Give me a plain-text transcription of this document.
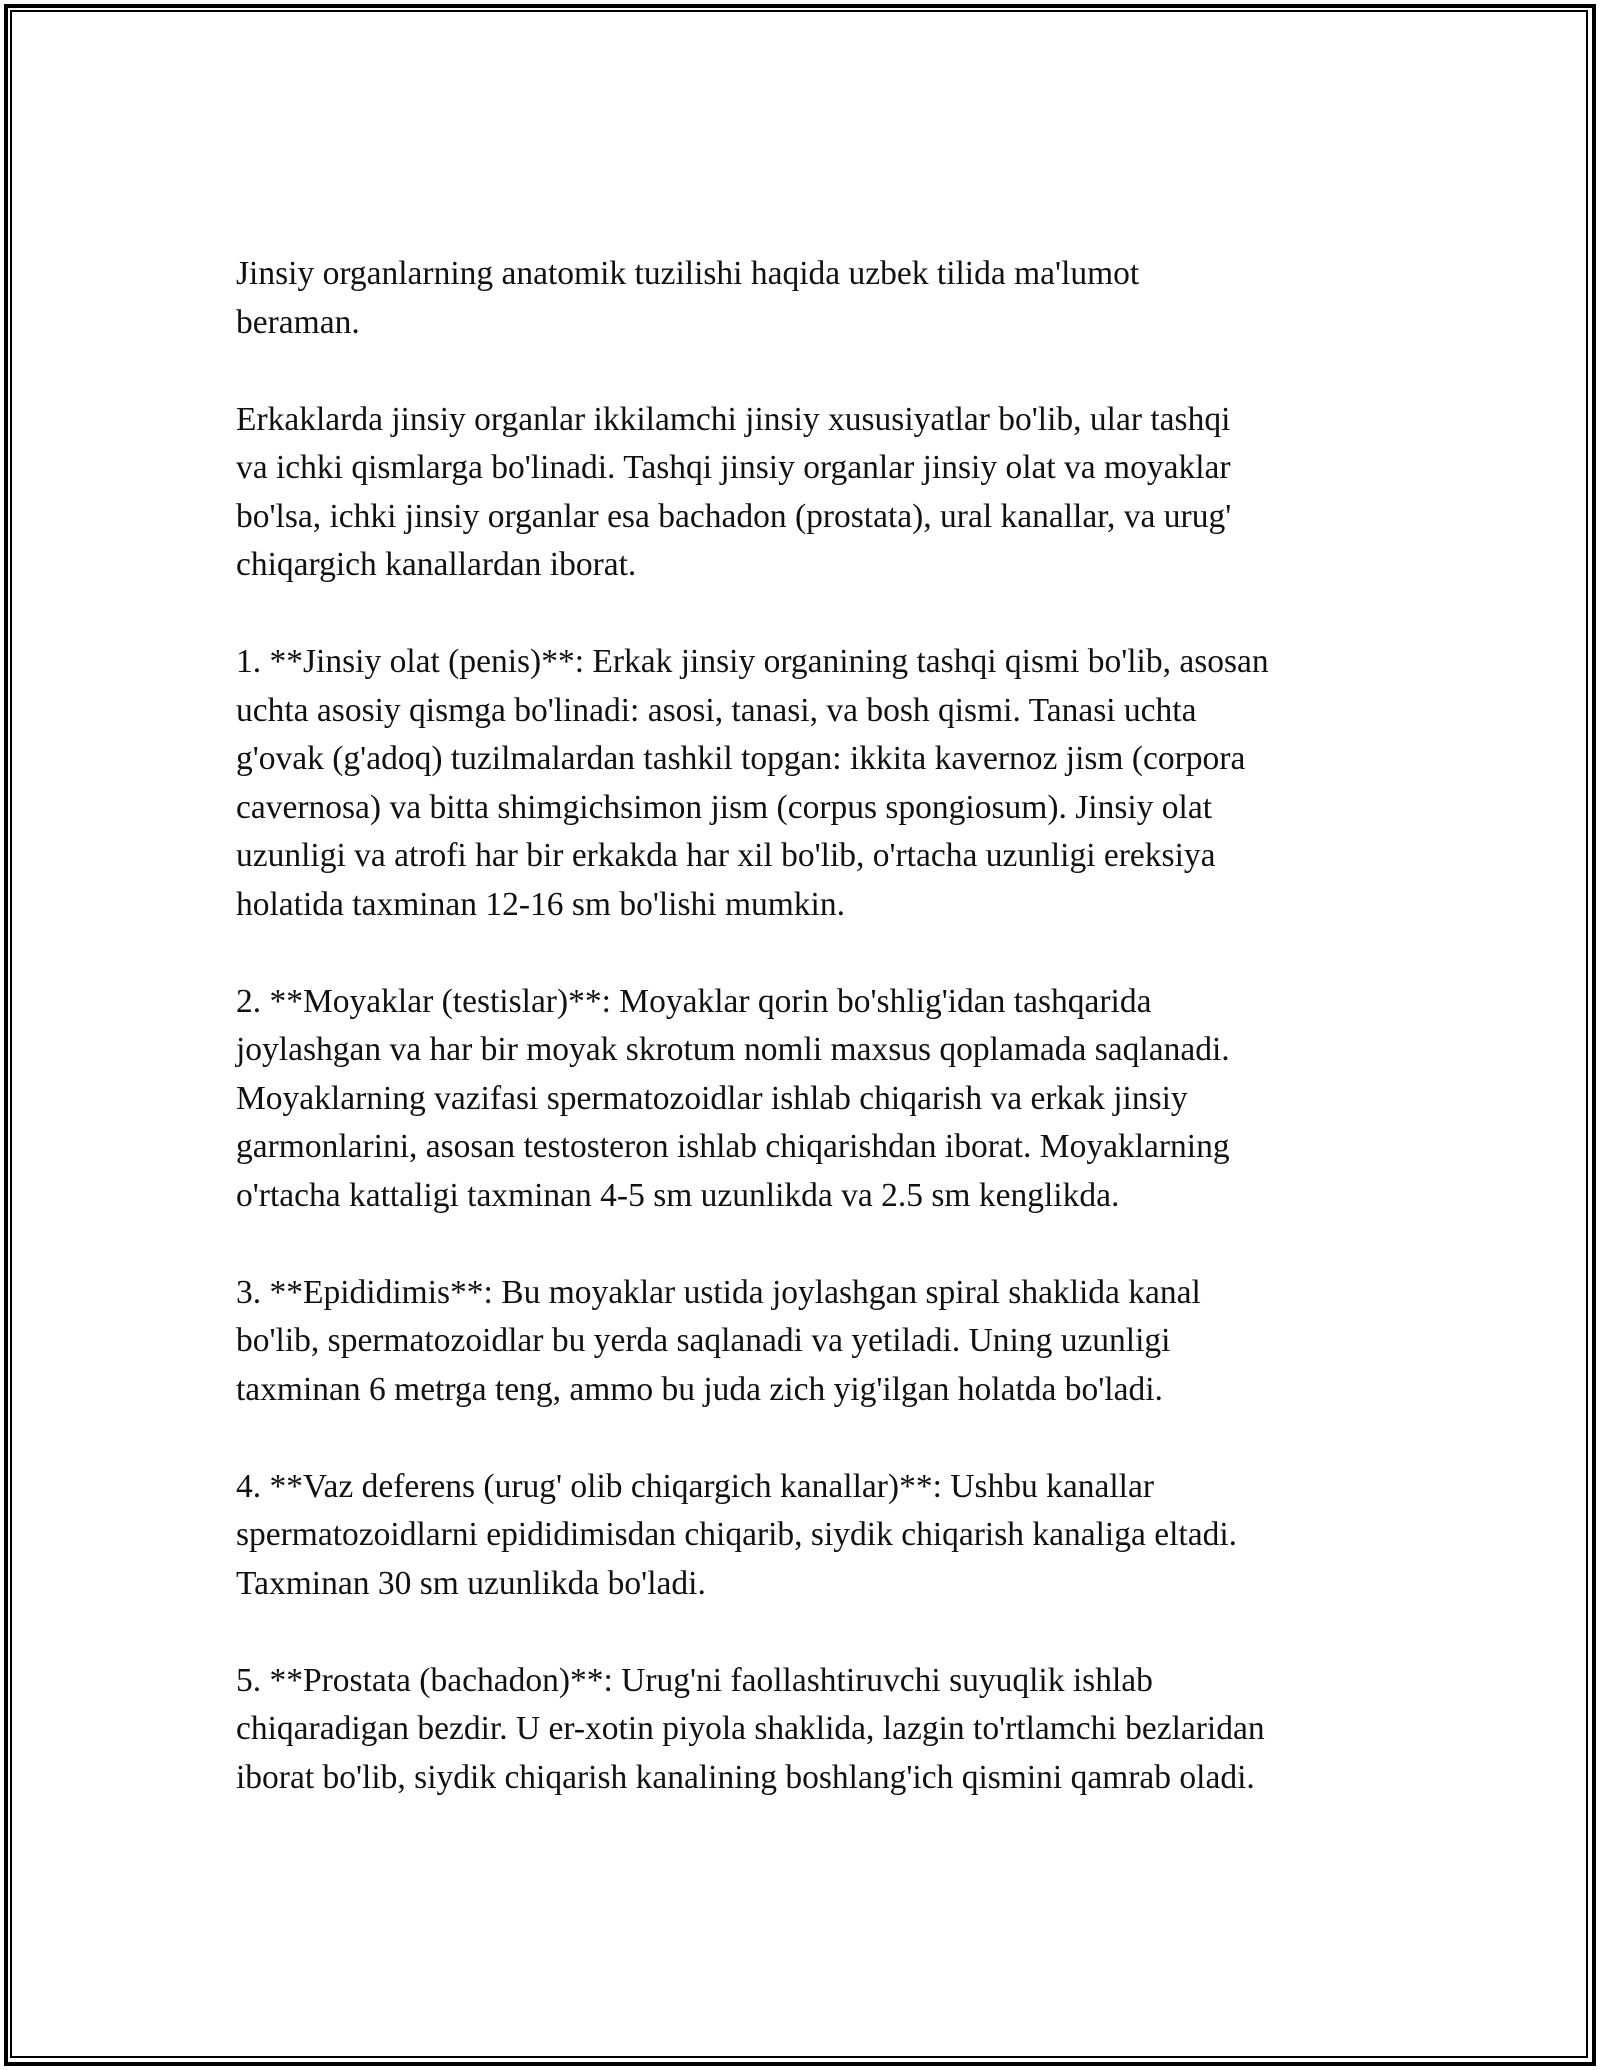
Jinsiy organlarning anatomik tuzilishi haqida uzbek tilida ma'lumot
beraman.

Erkaklarda jinsiy organlar ikkilamchi jinsiy xususiyatlar bo'lib, ular tashqi
va ichki qismlarga bo'linadi. Tashqi jinsiy organlar jinsiy olat va moyaklar
bo'lsa, ichki jinsiy organlar esa bachadon (prostata), ural kanallar, va urug'
chiqargich kanallardan iborat.

1. **Jinsiy olat (penis)**: Erkak jinsiy organining tashqi qismi bo'lib, asosan
uchta asosiy qismga bo'linadi: asosi, tanasi, va bosh qismi. Tanasi uchta
g'ovak (g'adoq) tuzilmalardan tashkil topgan: ikkita kavernoz jism (corpora
cavernosa) va bitta shimgichsimon jism (corpus spongiosum). Jinsiy olat
uzunligi va atrofi har bir erkakda har xil bo'lib, o'rtacha uzunligi ereksiya
holatida taxminan 12-16 sm bo'lishi mumkin.

2. **Moyaklar (testislar)**: Moyaklar qorin bo'shlig'idan tashqarida
joylashgan va har bir moyak skrotum nomli maxsus qoplamada saqlanadi.
Moyaklarning vazifasi spermatozoidlar ishlab chiqarish va erkak jinsiy
garmonlarini, asosan testosteron ishlab chiqarishdan iborat. Moyaklarning
o'rtacha kattaligi taxminan 4-5 sm uzunlikda va 2.5 sm kenglikda.

3. **Epididimis**: Bu moyaklar ustida joylashgan spiral shaklida kanal
bo'lib, spermatozoidlar bu yerda saqlanadi va yetiladi. Uning uzunligi
taxminan 6 metrga teng, ammo bu juda zich yig'ilgan holatda bo'ladi.

4. **Vaz deferens (urug' olib chiqargich kanallar)**: Ushbu kanallar
spermatozoidlarni epididimisdan chiqarib, siydik chiqarish kanaliga eltadi.
Taxminan 30 sm uzunlikda bo'ladi.

5. **Prostata (bachadon)**: Urug'ni faollashtiruvchi suyuqlik ishlab
chiqaradigan bezdir. U er-xotin piyola shaklida, lazgin to'rtlamchi bezlaridan
iborat bo'lib, siydik chiqarish kanalining boshlang'ich qismini qamrab oladi.
